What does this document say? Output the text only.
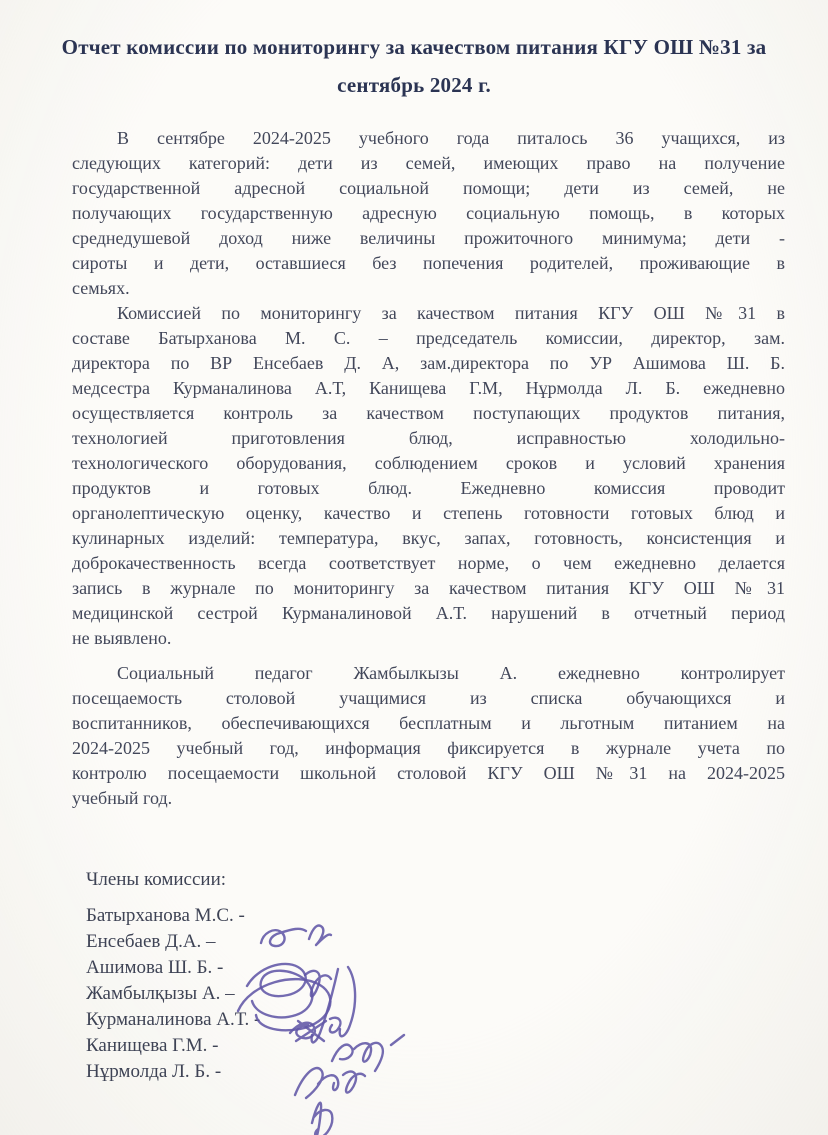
Отчет комиссии по мониторингу за качеством питания КГУ ОШ №31 за
сентябрь 2024 г.
В сентябре 2024-2025 учебного года питалось 36 учащихся, из
следующих категорий: дети из семей, имеющих право на получение
государственной адресной социальной помощи; дети из семей, не
получающих государственную адресную социальную помощь, в которых
среднедушевой доход ниже величины прожиточного минимума; дети -
сироты и дети, оставшиеся без попечения родителей, проживающие в
семьях.
Комиссией по мониторингу за качеством питания КГУ ОШ №31 в
составе Батырханова М. С. – председатель комиссии, директор, зам.
директора по ВР Енсебаев Д. А, зам.директора по УР Ашимова Ш. Б.
медсестра Курманалинова А.Т, Канищева Г.М, Нұрмолда Л. Б. ежедневно
осуществляется контроль за качеством поступающих продуктов питания,
технологией приготовления блюд, исправностью холодильно-
технологического оборудования, соблюдением сроков и условий хранения
продуктов и готовых блюд. Ежедневно комиссия проводит
органолептическую оценку, качество и степень готовности готовых блюд и
кулинарных изделий: температура, вкус, запах, готовность, консистенция и
доброкачественность всегда соответствует норме, о чем ежедневно делается
запись в журнале по мониторингу за качеством питания КГУ ОШ №31
медицинской сестрой Курманалиновой А.Т. нарушений в отчетный период
не выявлено.
Социальный педагог Жамбылкызы А. ежедневно контролирует
посещаемость столовой учащимися из списка обучающихся и
воспитанников, обеспечивающихся бесплатным и льготным питанием на
2024-2025 учебный год, информация фиксируется в журнале учета по
контролю посещаемости школьной столовой КГУ ОШ №31 на 2024-2025
учебный год.
Члены комиссии:
Батырханова М.С. -
Енсебаев Д.А. –
Ашимова Ш. Б. -
Жамбылқызы А. –
Курманалинова А.Т. -
Канищева Г.М. -
Нұрмолда Л. Б. -
